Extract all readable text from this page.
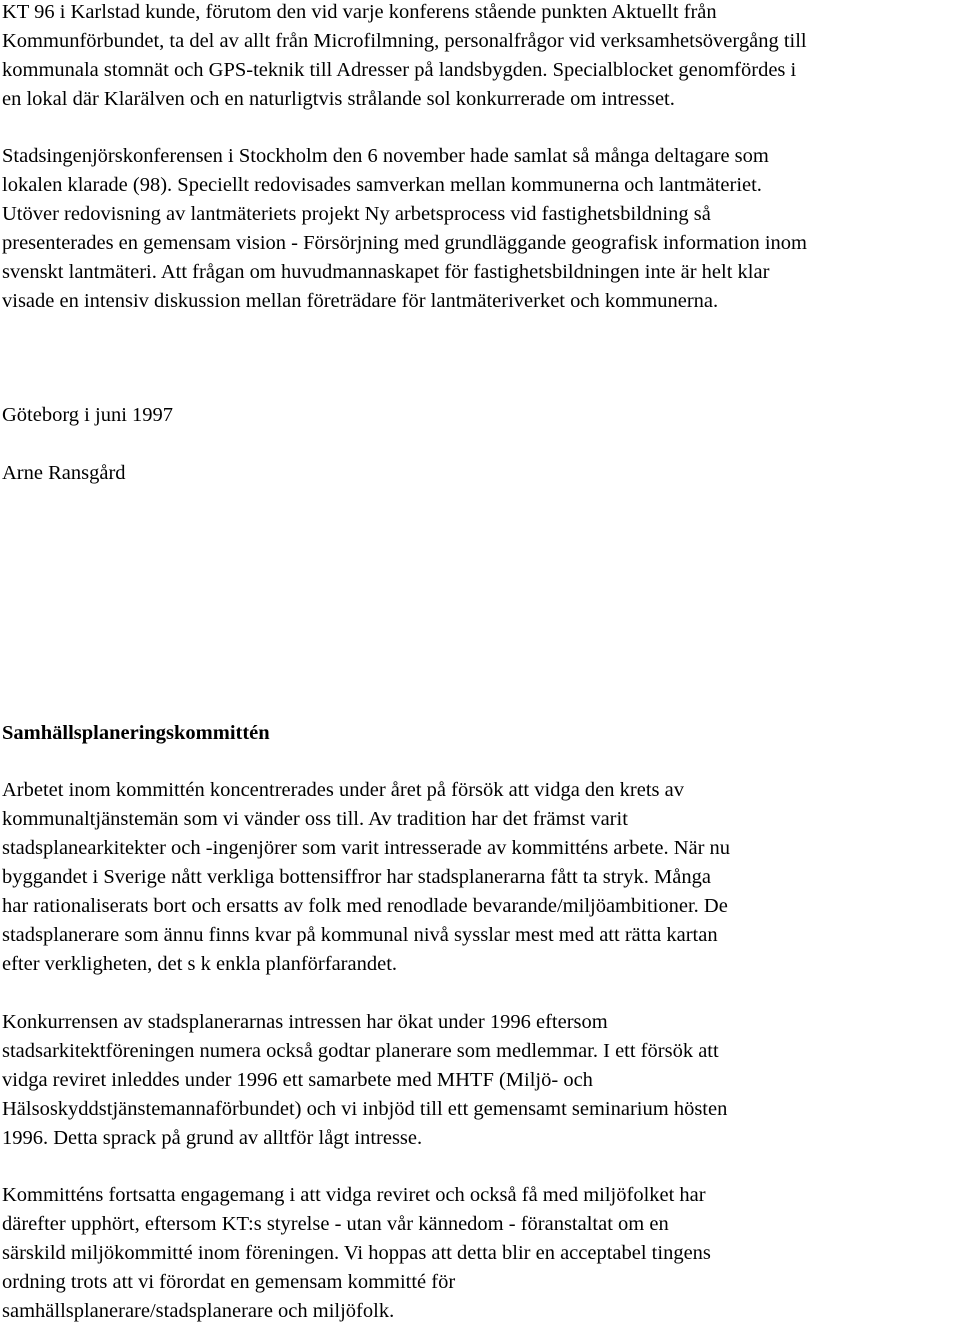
KT 96 i Karlstad kunde, förutom den vid varje konferens stående punkten Aktuellt från
Kommunförbundet, ta del av allt från Microfilmning, personalfrågor vid verksamhetsövergång till
kommunala stomnät och GPS-teknik till Adresser på landsbygden. Specialblocket genomfördes i
en lokal där Klarälven och en naturligtvis strålande sol konkurrerade om intresset.

Stadsingenjörskonferensen i Stockholm den 6 november hade samlat så många deltagare som
lokalen klarade (98). Speciellt redovisades samverkan mellan kommunerna och lantmäteriet.
Utöver redovisning av lantmäteriets projekt Ny arbetsprocess vid fastighetsbildning så
presenterades en gemensam vision - Försörjning med grundläggande geografisk information inom
svenskt lantmäteri. Att frågan om huvudmannaskapet för fastighetsbildningen inte är helt klar
visade en intensiv diskussion mellan företrädare för lantmäteriverket och kommunerna.

Göteborg i juni 1997

Arne Ransgård

Samhällsplaneringskommittén

Arbetet inom kommittén koncentrerades under året på försök att vidga den krets av
kommunaltjänstemän som vi vänder oss till. Av tradition har det främst varit
stadsplanearkitekter och -ingenjörer som varit intresserade av kommitténs arbete. När nu
byggandet i Sverige nått verkliga bottensiffror har stadsplanerarna fått ta stryk. Många
har rationaliserats bort och ersatts av folk med renodlade bevarande/miljöambitioner. De
stadsplanerare som ännu finns kvar på kommunal nivå sysslar mest med att rätta kartan
efter verkligheten, det s k enkla planförfarandet.

Konkurrensen av stadsplanerarnas intressen har ökat under 1996 eftersom
stadsarkitektföreningen numera också godtar planerare som medlemmar. I ett försök att
vidga reviret inleddes under 1996 ett samarbete med MHTF (Miljö- och
Hälsoskyddstjänstemannaförbundet) och vi inbjöd till ett gemensamt seminarium hösten
1996. Detta sprack på grund av alltför lågt intresse.

Kommitténs fortsatta engagemang i att vidga reviret och också få med miljöfolket har
därefter upphört, eftersom KT:s styrelse - utan vår kännedom - föranstaltat om en
särskild miljökommitté inom föreningen. Vi hoppas att detta blir en acceptabel tingens
ordning trots att vi förordat en gemensam kommitté för
samhällsplanerare/stadsplanerare och miljöfolk.
